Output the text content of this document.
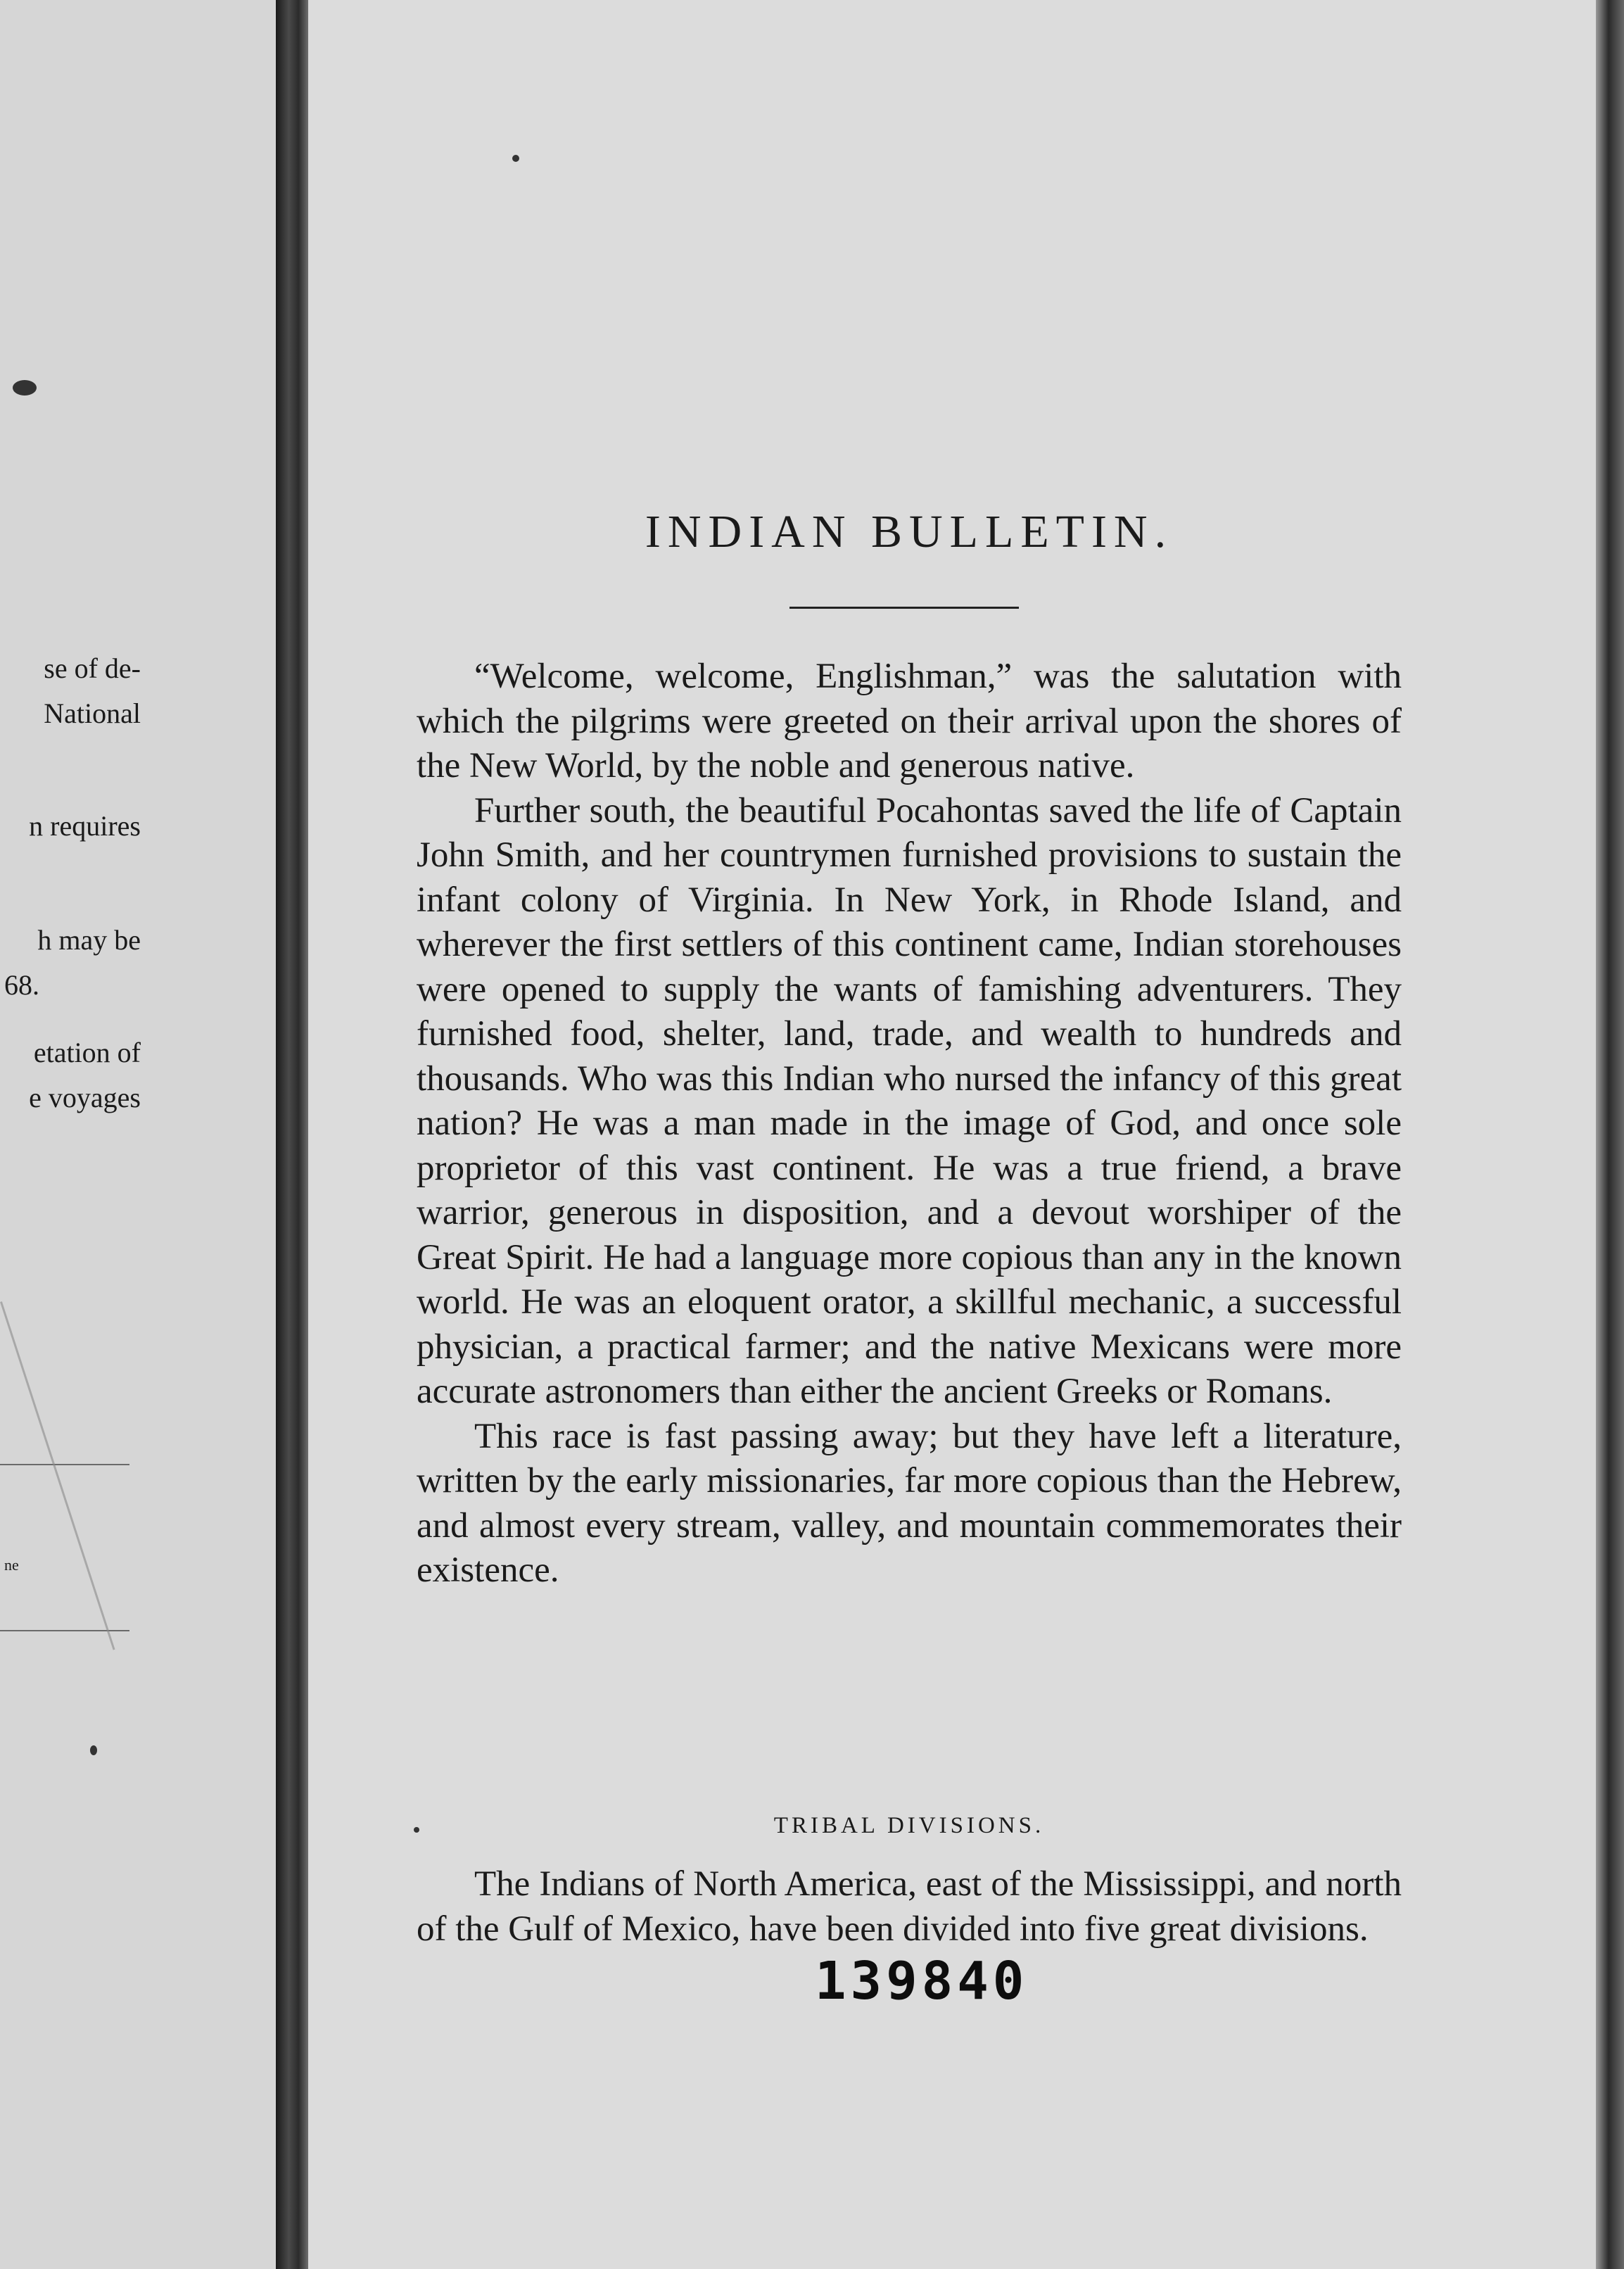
se of de-
National
n requires
h may be
68.
etation of
e voyages
ne
INDIAN BULLETIN.

“Welcome, welcome, Englishman,” was the salutation with which the pilgrims were greeted on their arrival upon the shores of the New World, by the noble and generous native.

Further south, the beautiful Pocahontas saved the life of Captain John Smith, and her countrymen furnished provisions to sustain the infant colony of Virginia. In New York, in Rhode Island, and wherever the first settlers of this continent came, Indian storehouses were opened to supply the wants of famishing adventurers. They furnished food, shelter, land, trade, and wealth to hundreds and thousands. Who was this Indian who nursed the infancy of this great nation? He was a man made in the image of God, and once sole proprietor of this vast continent. He was a true friend, a brave warrior, generous in disposition, and a devout worshiper of the Great Spirit. He had a language more copious than any in the known world. He was an eloquent orator, a skillful mechanic, a successful physician, a practical farmer; and the native Mexicans were more accurate astronomers than either the ancient Greeks or Romans.

This race is fast passing away; but they have left a literature, written by the early missionaries, far more copious than the Hebrew, and almost every stream, valley, and mountain commemorates their existence.

TRIBAL DIVISIONS.

The Indians of North America, east of the Mississippi, and north of the Gulf of Mexico, have been divided into five great divisions.

139840
